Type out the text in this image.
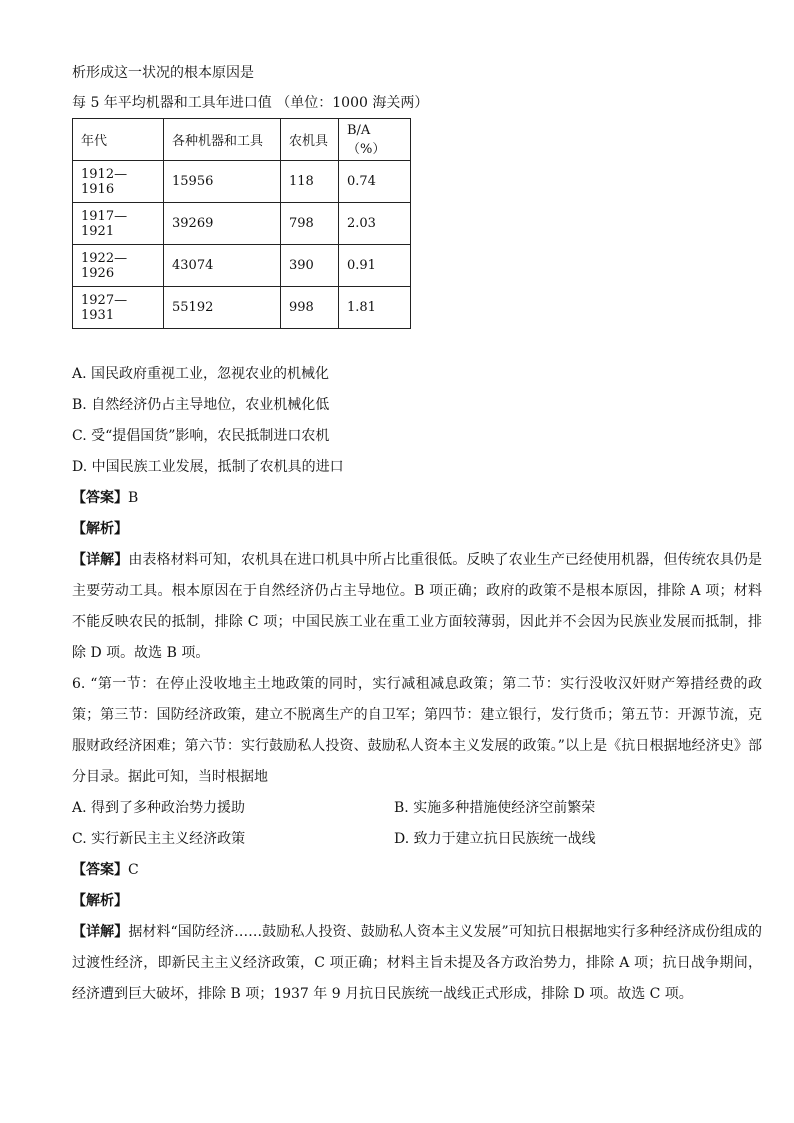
析形成这一状况的根本原因是
每 5 年平均机器和工具年进口值 （单位：1000 海关两）
年代	各种机器和工具	农机具	B/A（%）
1912—1916	15956	118	0.74
1917—1921	39269	798	2.03
1922—1926	43074	390	0.91
1927—1931	55192	998	1.81
A. 国民政府重视工业，忽视农业的机械化
B. 自然经济仍占主导地位，农业机械化低
C. 受“提倡国货”影响，农民抵制进口农机
D. 中国民族工业发展，抵制了农机具的进口
【答案】B
【解析】
【详解】由表格材料可知，农机具在进口机具中所占比重很低。反映了农业生产已经使用机器，但传统农具仍是主要劳动工具。根本原因在于自然经济仍占主导地位。B 项正确；政府的政策不是根本原因，排除 A 项；材料不能反映农民的抵制，排除 C 项；中国民族工业在重工业方面较薄弱，因此并不会因为民族业发展而抵制，排除 D 项。故选 B 项。
6. “第一节：在停止没收地主土地政策的同时，实行减租减息政策；第二节：实行没收汉奸财产筹措经费的政策；第三节：国防经济政策，建立不脱离生产的自卫军；第四节：建立银行，发行货币；第五节：开源节流，克服财政经济困难；第六节：实行鼓励私人投资、鼓励私人资本主义发展的政策。”以上是《抗日根据地经济史》部分目录。据此可知，当时根据地
A. 得到了多种政治势力援助	B. 实施多种措施使经济空前繁荣
C. 实行新民主主义经济政策	D. 致力于建立抗日民族统一战线
【答案】C
【解析】
【详解】据材料“国防经济……鼓励私人投资、鼓励私人资本主义发展”可知抗日根据地实行多种经济成份组成的过渡性经济，即新民主主义经济政策，C 项正确；材料主旨未提及各方政治势力，排除 A 项；抗日战争期间，经济遭到巨大破坏，排除 B 项；1937 年 9 月抗日民族统一战线正式形成，排除 D 项。故选 C 项。
